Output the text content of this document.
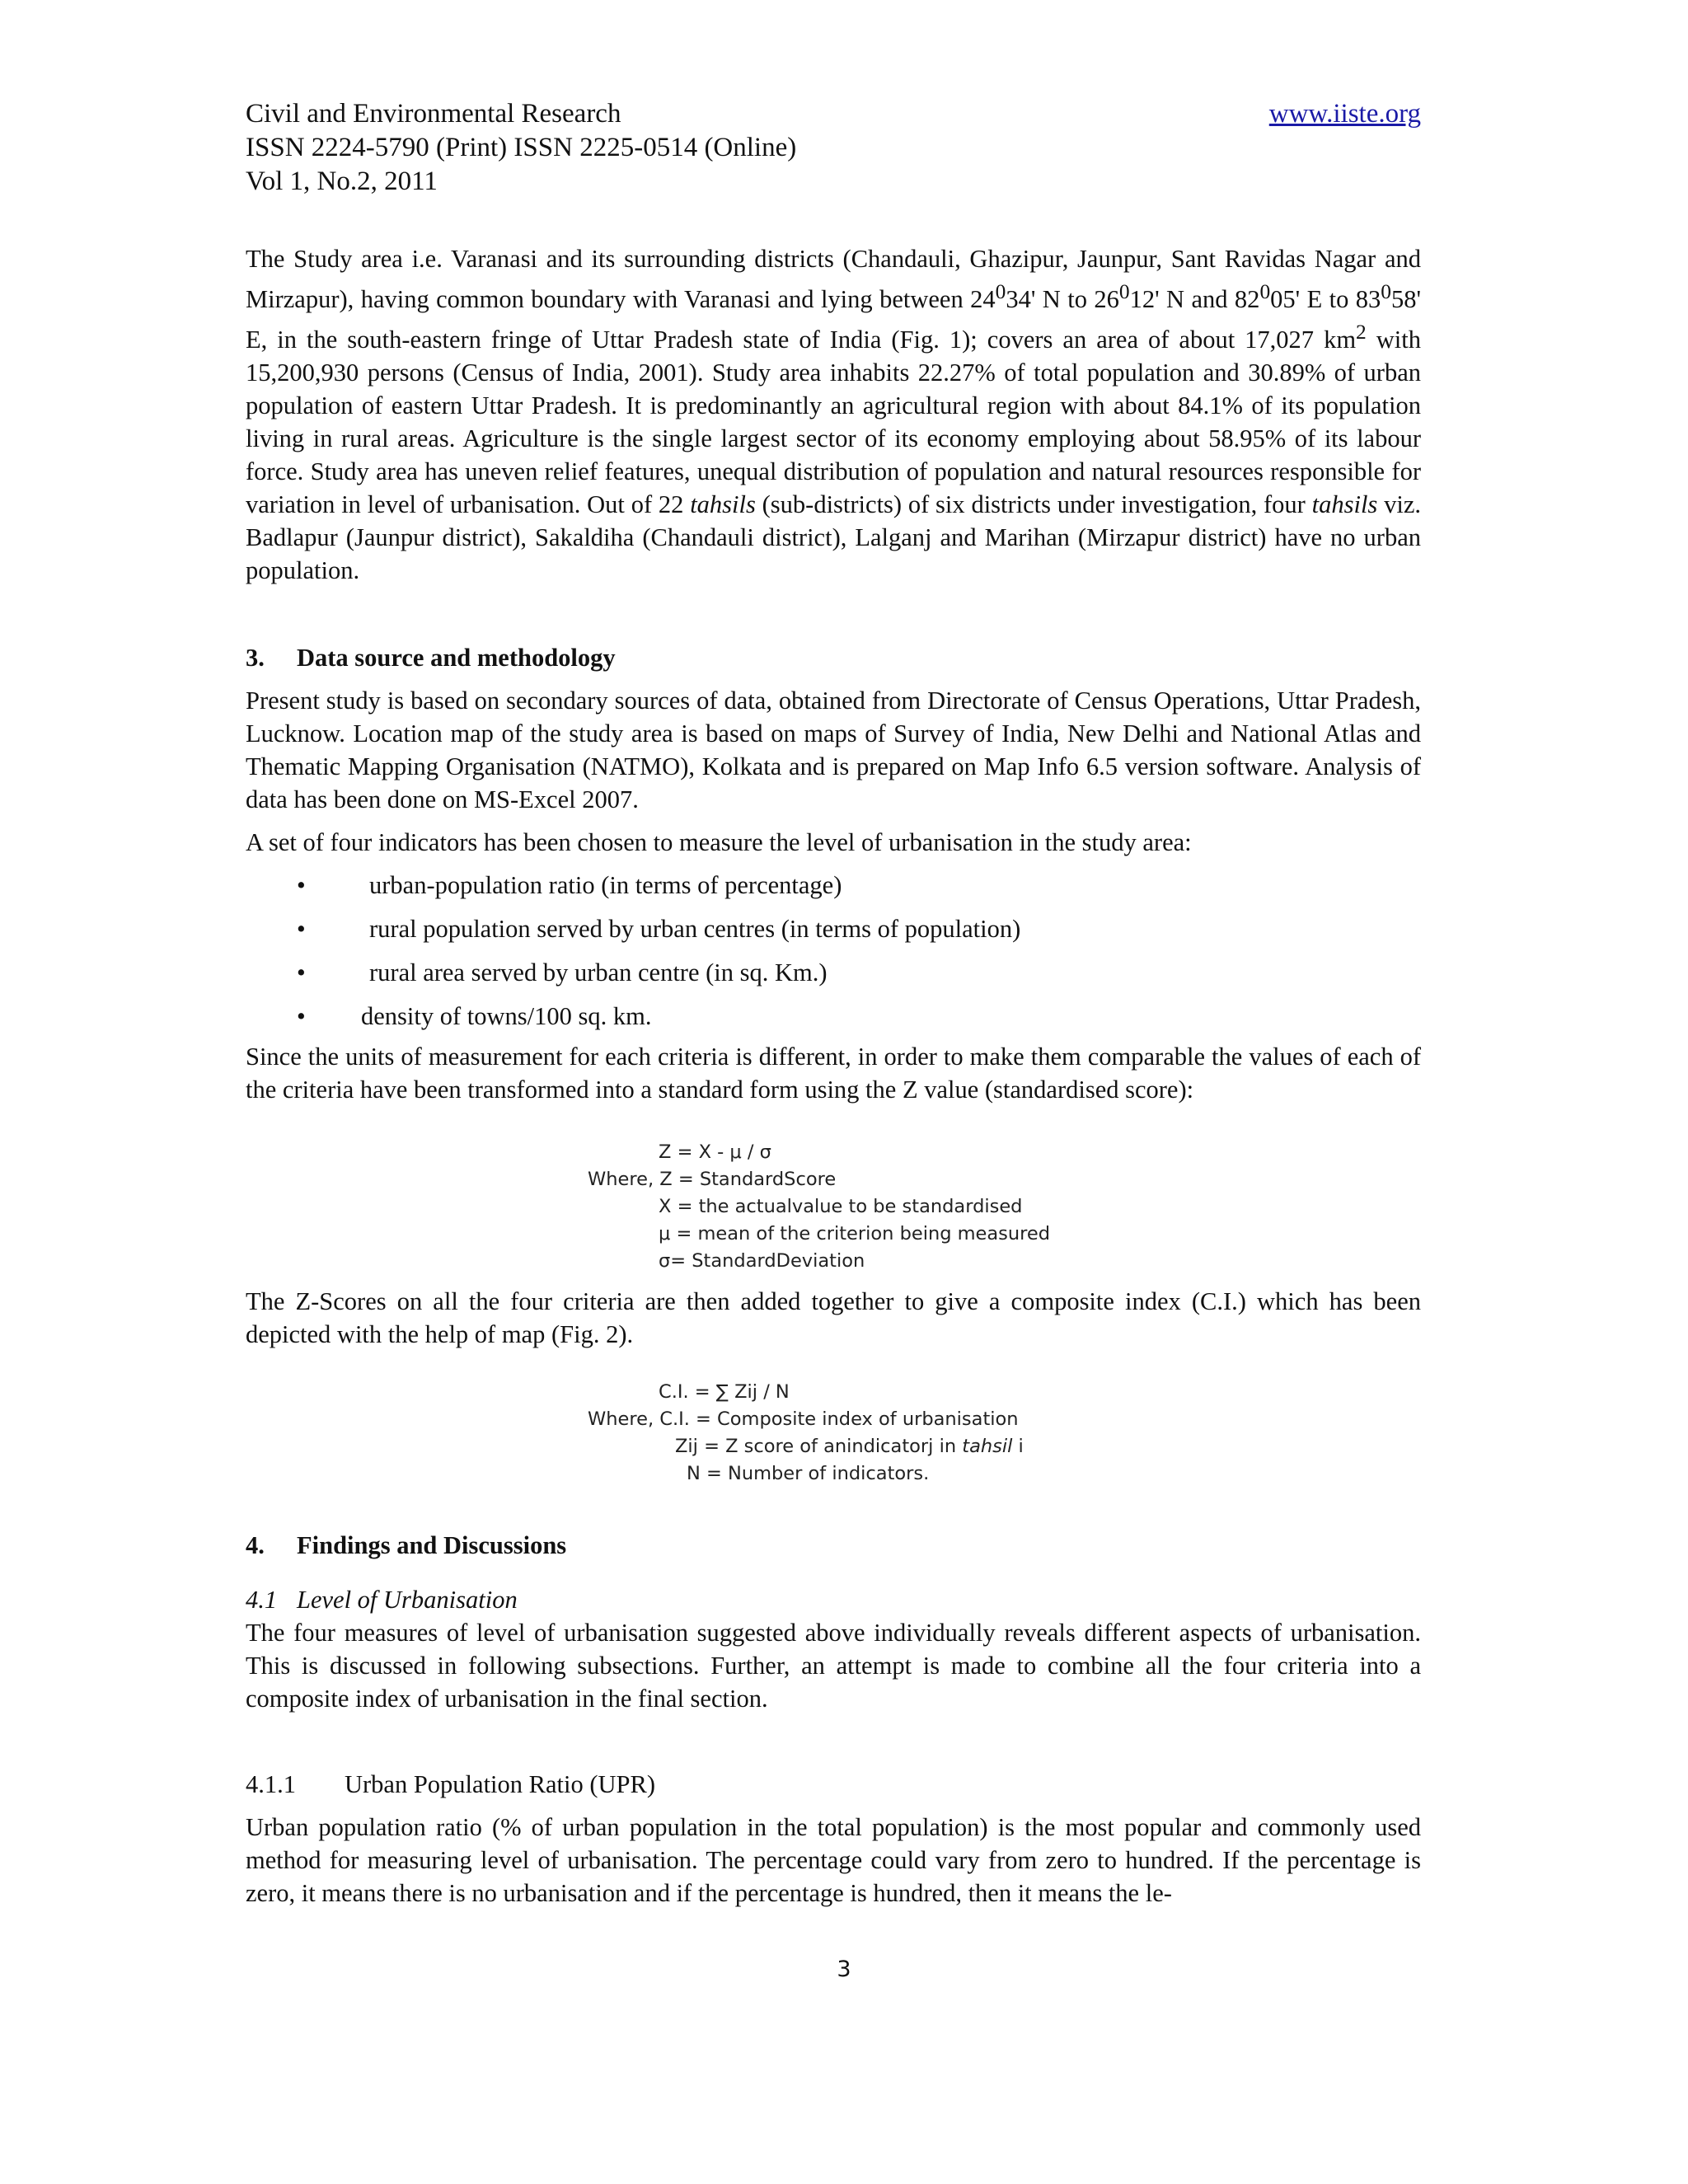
Civil and Environmental Research
ISSN 2224-5790 (Print) ISSN 2225-0514 (Online)
Vol 1, No.2, 2011
www.iiste.org

The Study area i.e. Varanasi and its surrounding districts (Chandauli, Ghazipur, Jaunpur, Sant Ravidas Nagar and Mirzapur), having common boundary with Varanasi and lying between $24^034'$ N to $26^012'$ N and $82^005'$ E to $83^058'$ E, in the south-eastern fringe of Uttar Pradesh state of India (Fig. 1); covers an area of about 17,027 $km^2$ with 15,200,930 persons (Census of India, 2001). Study area inhabits 22.27% of total population and 30.89% of urban population of eastern Uttar Pradesh. It is predominantly an agricultural region with about 84.1% of its population living in rural areas. Agriculture is the single largest sector of its economy employing about 58.95% of its labour force. Study area has uneven relief features, unequal distribution of population and natural resources responsible for variation in level of urbanisation. Out of 22 tahsils (sub-districts) of six districts under investigation, four tahsils viz. Badlapur (Jaunpur district), Sakaldiha (Chandauli district), Lalganj and Marihan (Mirzapur district) have no urban population.

3. Data source and methodology

Present study is based on secondary sources of data, obtained from Directorate of Census Operations, Uttar Pradesh, Lucknow. Location map of the study area is based on maps of Survey of India, New Delhi and National Atlas and Thematic Mapping Organisation (NATMO), Kolkata and is prepared on Map Info 6.5 version software. Analysis of data has been done on MS-Excel 2007.

A set of four indicators has been chosen to measure the level of urbanisation in the study area:

•	urban-population ratio (in terms of percentage)
•	rural population served by urban centres (in terms of population)
•	rural area served by urban centre (in sq. Km.)
•	density of towns/100 sq. km.

Since the units of measurement for each criteria is different, in order to make them comparable the values of each of the criteria have been transformed into a standard form using the Z value (standardised score):

Z = X - μ / σ
Where, Z = StandardScore
X = the actualvalue to be standardised
μ = mean of the criterion being measured
σ= StandardDeviation

The Z-Scores on all the four criteria are then added together to give a composite index (C.I.) which has been depicted with the help of map (Fig. 2).

C.I. = ∑ Zij / N
Where, C.I. = Composite index of urbanisation
Zij = Z score of anindicatorj in tahsil i
N = Number of indicators.
4. Findings and Discussions
4.1 Level of Urbanisation

The four measures of level of urbanisation suggested above individually reveals different aspects of urbanisation. This is discussed in following subsections. Further, an attempt is made to combine all the four criteria into a composite index of urbanisation in the final section.

4.1.1 Urban Population Ratio (UPR)

Urban population ratio (% of urban population in the total population) is the most popular and commonly used method for measuring level of urbanisation. The percentage could vary from zero to hundred. If the percentage is zero, it means there is no urbanisation and if the percentage is hundred, then it means the le-

3
